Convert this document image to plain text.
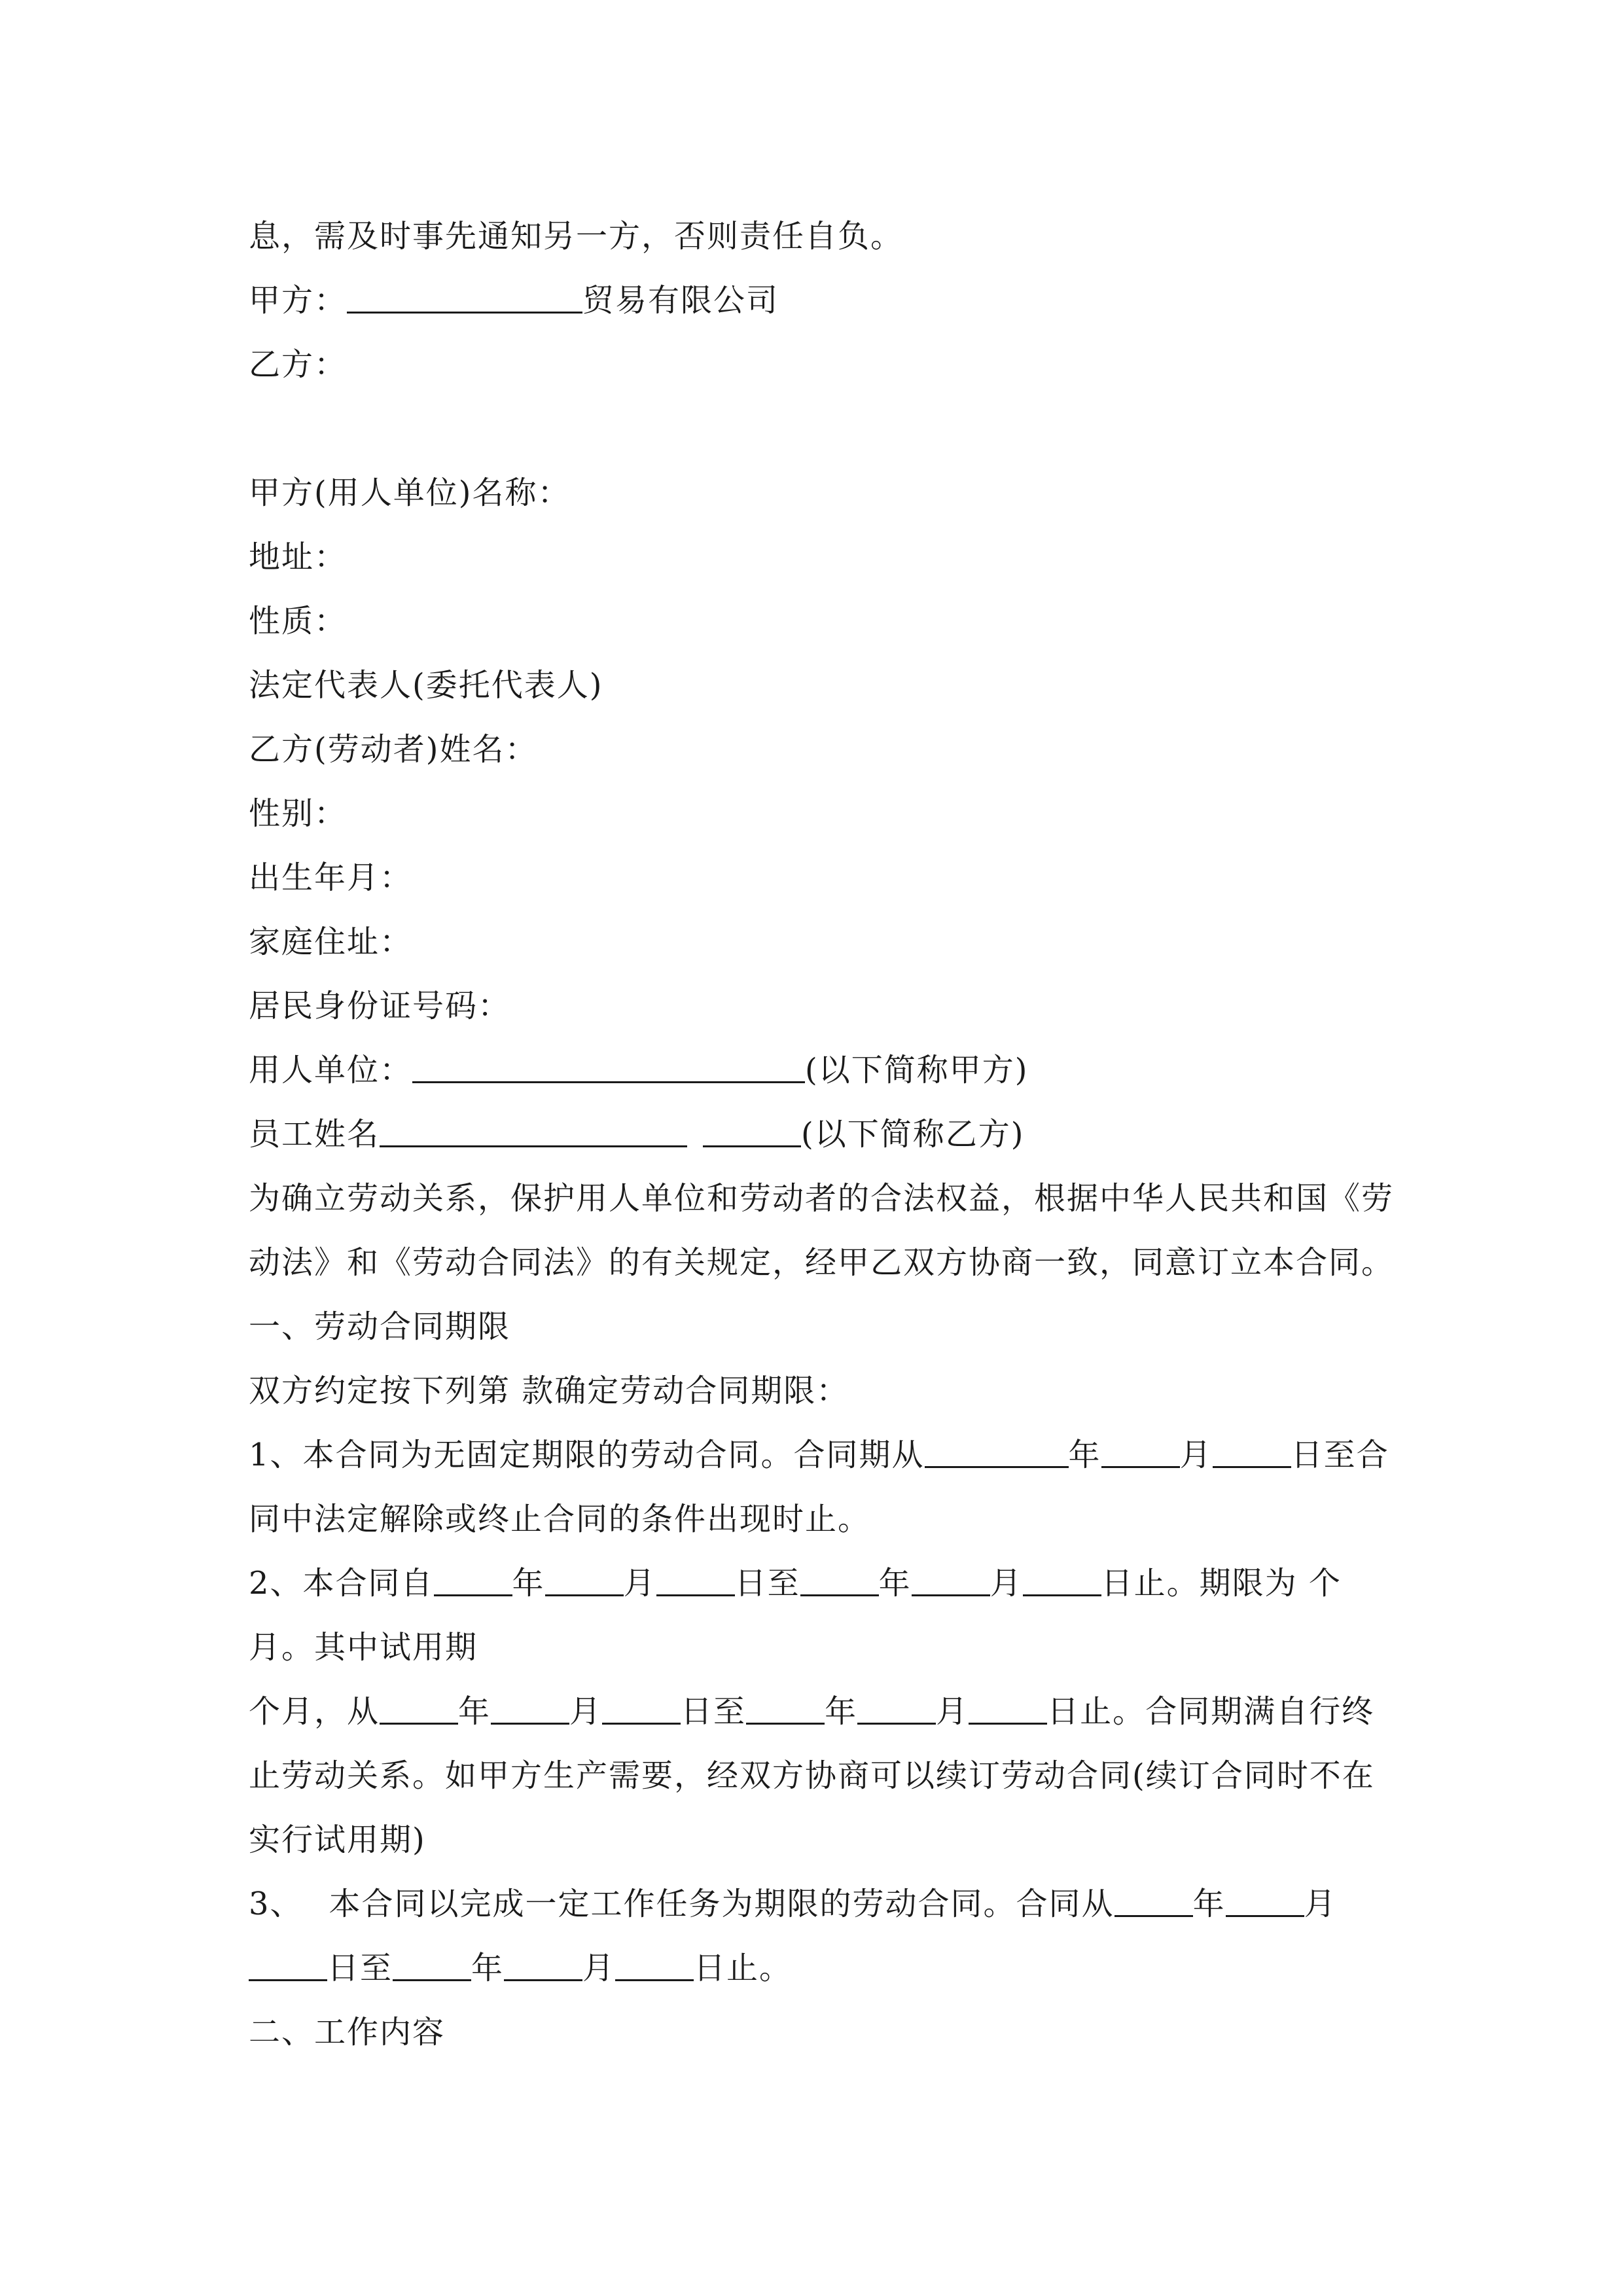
息，需及时事先通知另一方，否则责任自负。
甲方：	贸易有限公司
乙方：
甲方(用人单位)名称：
地址：
性质：
法定代表人(委托代表人)
乙方(劳动者)姓名：
性别：
出生年月：
家庭住址：
居民身份证号码：
用人单位：	(以下简称甲方)
员工姓名	(以下简称乙方)
为确立劳动关系，保护用人单位和劳动者的合法权益，根据中华人民共和国《劳
动法》和《劳动合同法》的有关规定，经甲乙双方协商一致，同意订立本合同。
一、劳动合同期限
双方约定按下列第 款确定劳动合同期限：
1、本合同为无固定期限的劳动合同。合同期从	年	月	日至合
同中法定解除或终止合同的条件出现时止。
2、本合同自	年	月	日至	年	月	日止。期限为 个
月。其中试用期
个月，从	年	月	日至	年	月	日止。合同期满自行终
止劳动关系。如甲方生产需要，经双方协商可以续订劳动合同(续订合同时不在
实行试用期)
3、 本合同以完成一定工作任务为期限的劳动合同。合同从	年	月
日至	年	月	日止。
二、工作内容
